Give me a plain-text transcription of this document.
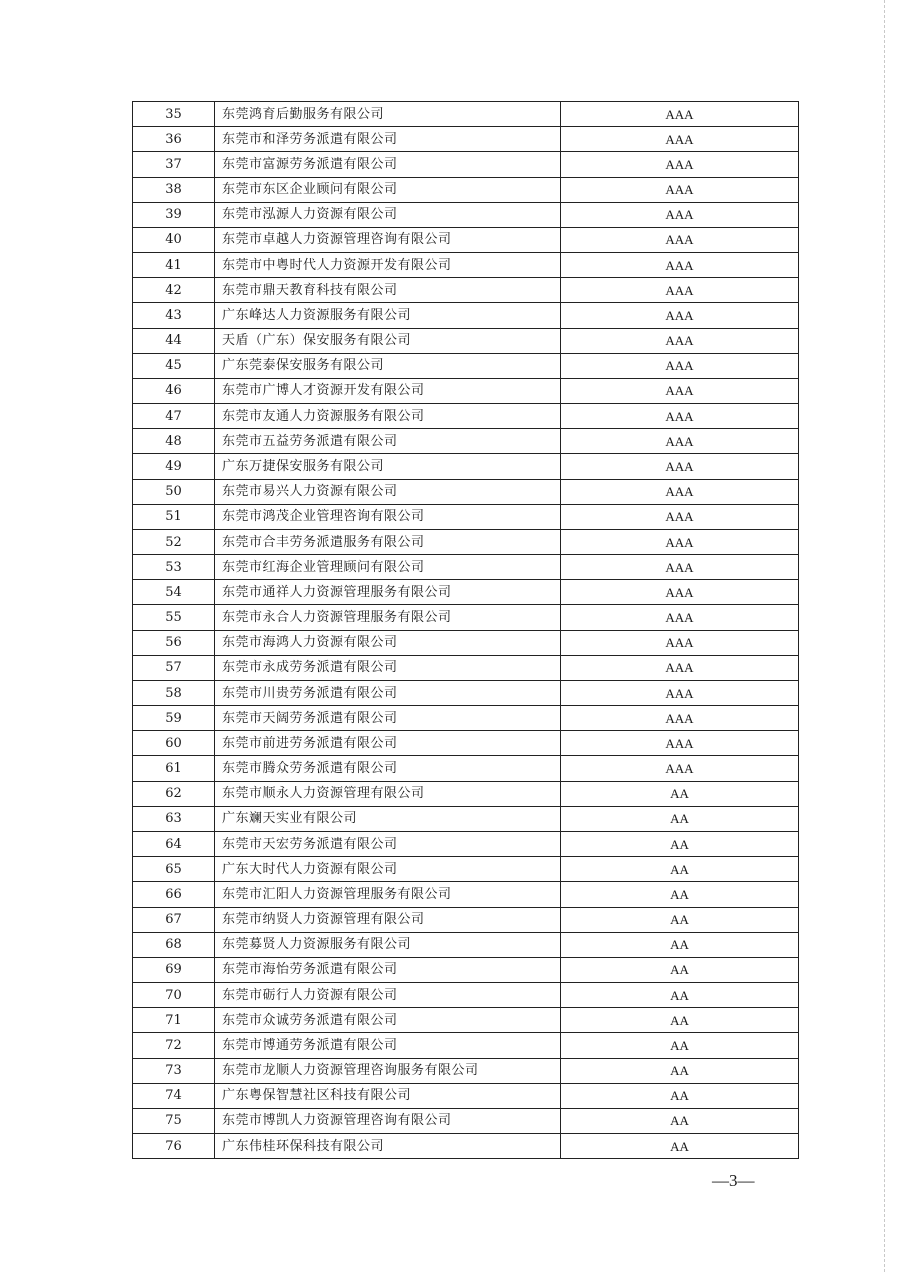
35	东莞鸿育后勤服务有限公司	AAA
36	东莞市和泽劳务派遣有限公司	AAA
37	东莞市富源劳务派遣有限公司	AAA
38	东莞市东区企业顾问有限公司	AAA
39	东莞市泓源人力资源有限公司	AAA
40	东莞市卓越人力资源管理咨询有限公司	AAA
41	东莞市中粤时代人力资源开发有限公司	AAA
42	东莞市鼎天教育科技有限公司	AAA
43	广东峰达人力资源服务有限公司	AAA
44	天盾（广东）保安服务有限公司	AAA
45	广东莞泰保安服务有限公司	AAA
46	东莞市广博人才资源开发有限公司	AAA
47	东莞市友通人力资源服务有限公司	AAA
48	东莞市五益劳务派遣有限公司	AAA
49	广东万捷保安服务有限公司	AAA
50	东莞市易兴人力资源有限公司	AAA
51	东莞市鸿茂企业管理咨询有限公司	AAA
52	东莞市合丰劳务派遣服务有限公司	AAA
53	东莞市红海企业管理顾问有限公司	AAA
54	东莞市通祥人力资源管理服务有限公司	AAA
55	东莞市永合人力资源管理服务有限公司	AAA
56	东莞市海鸿人力资源有限公司	AAA
57	东莞市永成劳务派遣有限公司	AAA
58	东莞市川贵劳务派遣有限公司	AAA
59	东莞市天阔劳务派遣有限公司	AAA
60	东莞市前进劳务派遣有限公司	AAA
61	东莞市腾众劳务派遣有限公司	AAA
62	东莞市顺永人力资源管理有限公司	AA
63	广东斓天实业有限公司	AA
64	东莞市天宏劳务派遣有限公司	AA
65	广东大时代人力资源有限公司	AA
66	东莞市汇阳人力资源管理服务有限公司	AA
67	东莞市纳贤人力资源管理有限公司	AA
68	东莞募贤人力资源服务有限公司	AA
69	东莞市海怡劳务派遣有限公司	AA
70	东莞市砺行人力资源有限公司	AA
71	东莞市众诚劳务派遣有限公司	AA
72	东莞市博通劳务派遣有限公司	AA
73	东莞市龙顺人力资源管理咨询服务有限公司	AA
74	广东粤保智慧社区科技有限公司	AA
75	东莞市博凯人力资源管理咨询有限公司	AA
76	广东伟桂环保科技有限公司	AA
—3—
